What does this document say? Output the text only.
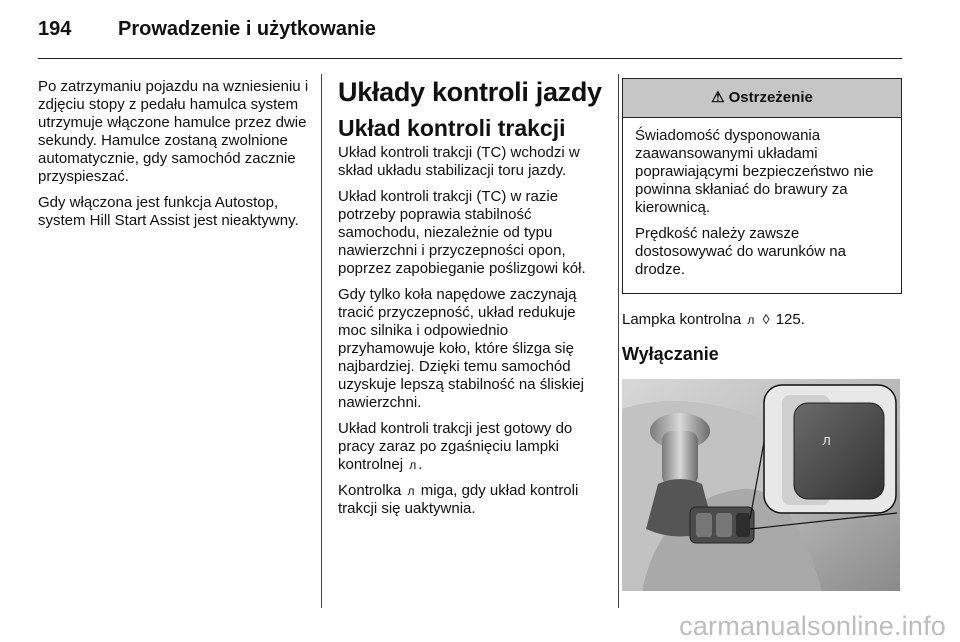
194 Prowadzenie i użytkowanie

Po zatrzymaniu pojazdu na wzniesieniu i zdjęciu stopy z pedału hamulca system utrzymuje włączone hamulce przez dwie sekundy. Hamulce zostaną zwolnione automatycznie, gdy samochód zacznie przyspieszać.

Gdy włączona jest funkcja Autostop, system Hill Start Assist jest nieaktywny.

Układy kontroli jazdy
Układ kontroli trakcji

Układ kontroli trakcji (TC) wchodzi w skład układu stabilizacji toru jazdy.

Układ kontroli trakcji (TC) w razie potrzeby poprawia stabilność samochodu, niezależnie od typu nawierzchni i przyczepności opon, poprzez zapobieganie poślizgowi kół.

Gdy tylko koła napędowe zaczynają tracić przyczepność, układ redukuje moc silnika i odpowiednio przyhamowuje koło, które ślizga się najbardziej. Dzięki temu samochód uzyskuje lepszą stabilność na śliskiej nawierzchni.

Układ kontroli trakcji jest gotowy do pracy zaraz po zgaśnięciu lampki kontrolnej ᴫ .

Kontrolka ᴫ miga, gdy układ kontroli trakcji się uaktywnia.

⚠ Ostrzeżenie

Świadomość dysponowania zaawansowanymi układami poprawiającymi bezpieczeństwo nie powinna skłaniać do brawury za kierownicą.

Prędkość należy zawsze dostosowywać do warunków na drodze.

Lampka kontrolna ᴫ ◊ 125.

Wyłączanie
ᴫ
carmanualsonline.info
